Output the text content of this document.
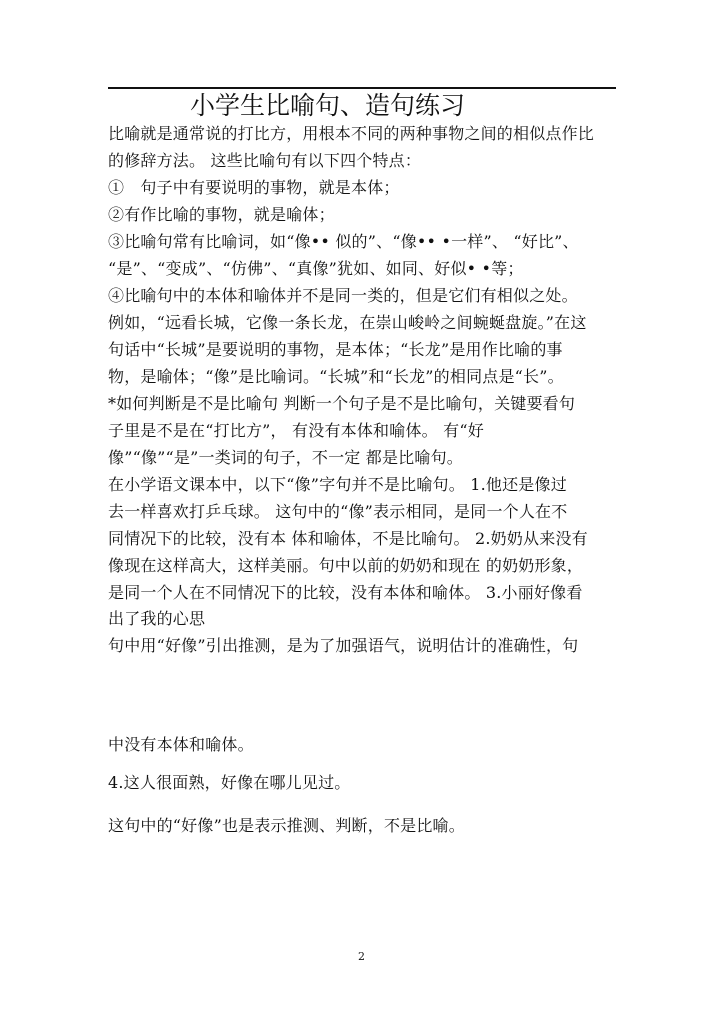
小学生比喻句、造句练习
比喻就是通常说的打比方，用根本不同的两种事物之间的相似点作比
的修辞方法。 这些比喻句有以下四个特点：
①　句子中有要说明的事物，就是本体；
②有作比喻的事物，就是喻体；
③比喻句常有比喻词，如“像•• 似的”、“像•• •一样”、 “好比”、
“是”、“变成”、“仿佛”、“真像”犹如、如同、好似• •等；
④比喻句中的本体和喻体并不是同一类的，但是它们有相似之处。
例如，“远看长城，它像一条长龙，在崇山峻岭之间蜿蜒盘旋。”在这
句话中“长城”是要说明的事物，是本体；“长龙”是用作比喻的事
物，是喻体；“像”是比喻词。“长城”和“长龙”的相同点是“长”。
*如何判断是不是比喻句 判断一个句子是不是比喻句，关键要看句
子里是不是在“打比方”， 有没有本体和喻体。 有“好
像”“像”“是”一类词的句子，不一定 都是比喻句。
在小学语文课本中，以下“像”字句并不是比喻句。 1.他还是像过
去一样喜欢打乒乓球。 这句中的“像”表示相同，是同一个人在不
同情况下的比较，没有本 体和喻体，不是比喻句。 2.奶奶从来没有
像现在这样高大，这样美丽。句中以前的奶奶和现在 的奶奶形象，
是同一个人在不同情况下的比较，没有本体和喻体。 3.小丽好像看
出了我的心思
句中用“好像”引出推测，是为了加强语气，说明估计的准确性，句
中没有本体和喻体。
4.这人很面熟，好像在哪儿见过。
这句中的“好像”也是表示推测、判断，不是比喻。
2
